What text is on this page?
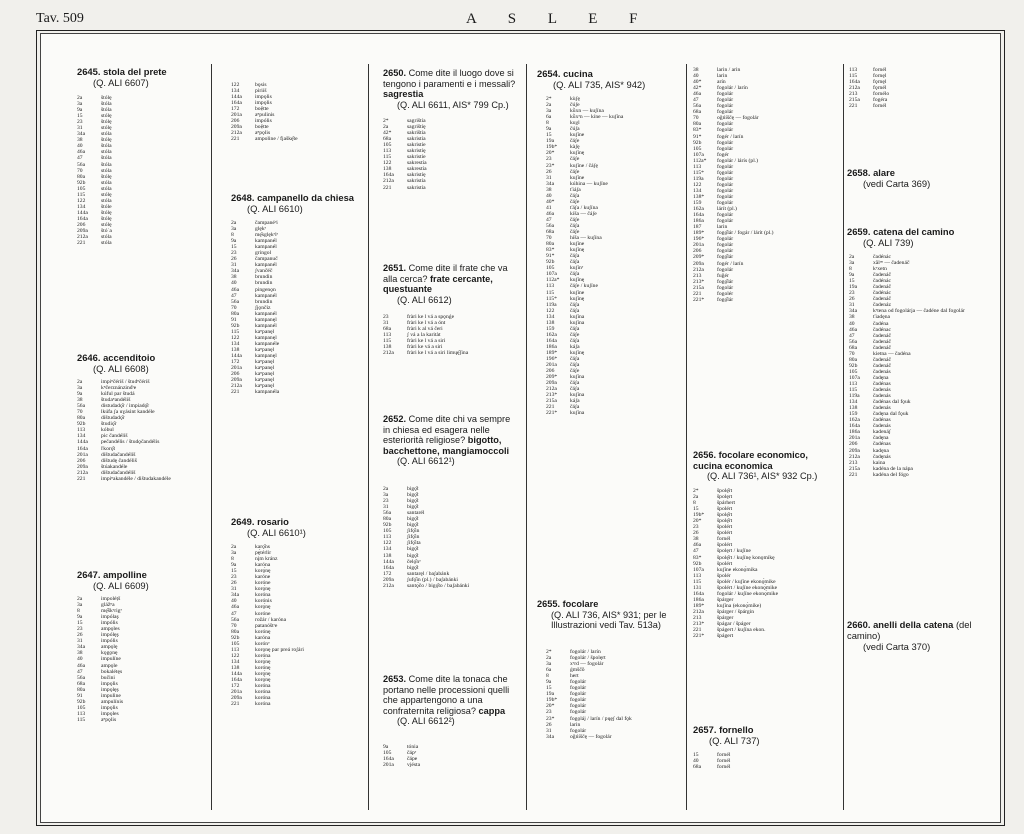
Tav. 509	A S L E F
2645. stola del prete
(Q. ALI 6607)
2a	štólę
3a	štóla
9a	štóla
15	stólę
23	štólę
31	stólę
34a	stóla
38	štólę
40	štóla
46a	stóla
47	štóla
56a	štóla
70	stóla
80a	štólę
92b	stóla
105	stóla
115	stólę
122	stóla
134	štóle
144a	štólę
164a	štólę
206	stólę
209a	štó˙a
212a	stóla
221	stóla
2646. accenditoio
(Q. ALI 6608)
2a	impiⁿčériš / študⁿčériš
3a	kⁿčerznánzinđʳe
9a	kúful par študá
38	študaⁿandéliš
56a	distudadǫ̂r / impiadǫ̂r
70	lkúfa ʃa uɣásint kandéle
80a	dištudadǫ̂r
92b	študiǫ̂r
113	kóbul
134	pic čandéliš
144a	pečandélis / študǫčandélis
164a	ľkorǫ̂t
201a	dištudačandéliš
206	dištudę čandéliš
209a	štúakandéle
212a	dištudačandéliš
221	impiⁿakandéle / dištudakandéle
2647. ampolline
(Q. ALI 6609)
2a	impoléṭš
3a	glážⁿa
8	mę̂škᵊrigᵊ
9a	impólaş
15	impólis
23	ampǫles
26	impólęş
31	impólis
34a	ampǫlę
38	kǫgǫnę
40	impulíne
46a	ampǫle
47	bokalétęs
56a	bučini
68a	impǫlis
80a	impǫlęș
91	impuline
92b	ampulínis
105	impǫlis
113	impǫles
115	aⁿpǫlis
122	bǫsis
134	piriiš
144a	impǫlis
164a	impǫlis
172	boệtte
201a	aⁿpulinis
206	impólis
209a	boệtte
212a	aⁿpǫlis
221	ampoline / fjaškę̂te
2648. campanello da chiesa
(Q. ALI 6610)
2a	čampanéᵊi
3a	glękᵊ
8	mę̂sglękᵊlᵊ
9a	kampanél
15	kampanél
23	gringol
26	čampanuč
31	kampanél
34a	ʃvančéč
38	brundin
40	brundin
46a	pingenǫn
47	kampanél
56a	brundin
70	ʃjǫnčiz
80a	kampanél
91	kampanęl
92b	kampanél
115	kaⁿpanęl
122	kampanęl
134	kampanéle
138	kaⁿpanęl
144a	kampanęl
172	kaⁿpanęl
201a	kaⁿpanęl
206	kaⁿpanęl
209a	kaⁿpanęl
212a	kaⁿpanęl
221	kampanéla
2649. rosario
(Q. ALI 6610¹)
2a	karǫ̂ns
3a	pȩ́térlir
8	nįm kránz
9a	karóna
15	korǫ́nę
23	karóne
26	koróne
31	korǫ́nę
34a	koróna
40	korónis
46a	korǫ́nę
47	koróne
56a	rožár / karóna
70	patanóštʳe
80a	korónę
92b	karóna
105	korónᵊ
113	korǫnę par preá roʃári
122	koróna
134	korǫ́nę
138	korónę
144a	korǫ́nę
164a	korǫ́nę
172	koróna
201a	koróna
209a	koróna
221	koróna
2650. Come dite il luogo dove si tengono i paramenti e i messali? sagrestia
(Q. ALI 6611, AIS* 799 Cp.)
2*	sagrištía
2a	sagrištíę
42*	sakrištía
68a	sakristía
105	sakristíe
113	sakristíę
115	sakristíe
122	sakrestía
138	sakrestía
164a	sakristíę
212a	sakristía
221	sakristía
2651. Come dite il frate che va alla cerca? frate cercante, questuante
(Q. ALI 6612)
23	fràri ke l vá a spǫnǵe
31	fràri ke l vá a ónt
68a	fràri k al vá čeri
113	ʃ vá a la karitàt
115	fràri ke l vá a siri
138	fràri ke vá a siri
212a	fràri ke l vá a siri limųę̂ʃina
2652. Come dite chi va sempre in chiesa ed esagera nelle esteriorità religiose? bigotto, bacchettone, mangiamoccoli
(Q. ALI 6612¹)
2a	bigǫ̂t
3a	bigǫ̂t
23	bigǫ̂t
31	bigǫ̂t
56a	santarél
80a	bigǫ̂t
92b	bigǫ̂t
105	ʃifǫ̂in
113	ʃifǫ̂in
122	ʃifǫ̂ita
134	bigǫ̂t
138	bigǫ̂t
144a	čelǫ̂nᵊ
164a	bigǫ̂t
172	santaręl / baʃabánk
209a	ʃufǫ̂in (pl.) / baʃabánki
212a	santǫ́čo / bigǫ̂to / baʃabánki
2653. Come dite la tonaca che portano nelle processioni quelli che appartengono a una confraternita religiosa? cappa
(Q. ALI 6612²)
9a	tónia
105	čápᵊ
164a	čápe
201a	vjésta
2654. cucina
(Q. ALI 735, AIS* 942)
2*	kùʃę
2a	čúʃe
3a	kǜxn — kuʃína
6a	kǜxᵊn — kíne — kuʃína
8	kuχl
9a	čúʃa
15	kuʃíne
19a	čáʃe
19b*	kàʃę
20*	kuʃínę
23	čáʃe
23*	kuʃíne / čáʃę
26	čáʃe
31	kuʃíne
34a	kúhina — kuʃíne
38	ťiáʃa
40	čáʃa
40*	čáʃe
41	ťáʃa / kuʃína
46a	kíša — čáʃe
47	čáʃe
56a	čáʃa
68a	čáʃe
70	híša — kuʃína
80a	kuʃíne
83*	kuʃínę
91*	čáʃa
92b	čáʃa
105	kuʃínᵊ
107a	čáʃa
112a*	kuʃínę
113	čáʃe / kuʃíne
115	kuʃíne
115*	kuʃínę
119a	čáʃa
122	čáʃa
134	kuʃína
138	kuʃína
159	čáʃa
162a	čáʃe
164a	čáʃa
186a	káʃa
189*	kuʃínę
196*	čáʃa
201a	čáʃa
206	čáʃe
209*	kuʃína
209a	čáʃa
212a	čáʃa
213*	kuʃína
215a	káʃa
221	čáʃa
221*	kuʃína
2655. focolare
(Q. ALI 736, AIS* 931; per le Illustrazioni vedi Tav. 513a)
2*	fogolár / larín
2a	fogolár / špolęrt
3a	xᵊrd — fogolár
6a	ǵmščǒ
8	hert
9a	fogolár
15	fogolár
19a	fogolár
19b*	fogolár
20*	fogolár
23	fogolár
23*	fogǫláj / larín / pųęʃ dal fǫk
26	larin
31	fogolár
34a	oǧńíščę — fogolár
38	larin / arin
40	larin
40*	arín
42*	fogolár / larín
46a	fogolár
47	fogolár
56a	fogolár
68a	fogolár
70	oǧńíščę — fogolár
80a	fogolár
83*	fogolár
91*	fogér / larín
92b	fogolár
105	fogolár
107a	fogér
112a*	fogolár / lárís (pl.)
113	fogolár
115*	fǫgolár
119a	fogolár
122	fogolár
134	fogolár
138*	fogolár
159	fogolár
162a	lárít (pl.)
164a	fogolár
186a	fogolár
187	larin
189*	fogǫ̂lár / fogár / lárít (pl.)
196*	fogolár
201a	fogolár
206	fogolár
209*	fogǫ̂lár
209a	fogér / larín
212a	fogolár
213	fuǧér
213*	fogǫ̂lár
215a	fogolár
221	fogolér
221*	fogǫ̂lár
2656. focolare economico, cucina economica
(Q. ALI 736¹, AIS* 932 Cp.)
2*	špolę̂rt
2a	špolęrt
8	špárhert
15	špolért
19b*	špolę̂rt
20*	špolę̂rt
23	špolért
26	špolért
38	fornél
46a	špolért
47	špolęrt / kuʃíne
83*	špolę̂rt / kuʃínę konǫmíkę
92b	špolért
107a	kuʃíne ekonǫ́mika
113	špolér
115	špolér / kuʃíne ekonǫ́mike
131	špolért / kuʃíne ekonǫ́mike
164a	fogolár / kuʃíne ekonǫ́mike
186a	špárger
189*	kuʃína (ekonǫ́mike)
212a	špárger / špárgin
213	špárger
213*	špágar / špáger
221	špágert / kuʃína ekon.
221*	špágert
2657. fornello
(Q. ALI 737)
15	fornél
40	fornél
68a	fornél
113	fornél
115	fornęl
164a	fǫrnęl
212a	fǫrnél
213	fornélo
215a	fogéra
221	fornél
2658. alare
(vedi Carta 369)
2659. catena del camino
(Q. ALI 739)
2a	čadénác
3a	xãlᵊⁿ — čadenáč
8	kᵊxetn
9a	čadenáč
15	čadénác
19a	čadenáč
23	čadénác
26	čadenáč
31	čadenáz
34a	kᵊtena od fogolárja — čadéne dal fogolár
38	ťiadęna
40	čadéna
46a	čadénac
47	čadenáč
56a	čadenáč
68a	čadenáč
70	kietna — čadéna
80a	čadenáč
92b	čadenáč
105	čadenás
107a	čadęna
113	čadénas
115	čadenás
119a	čadenás
134	čadénas dal fǫuk
138	čadenás
159	čadęna dal fǫuk
162a	čadénas
164a	čadenás
186a	kadenáʃ
201a	čadęna
206	čadénas
209a	kadęna
212a	čadęnás
213	kaina
215a	kadéna de la nápa
221	kadéna del fógo
2660. anelli della catena (del camino)
(vedi Carta 370)
